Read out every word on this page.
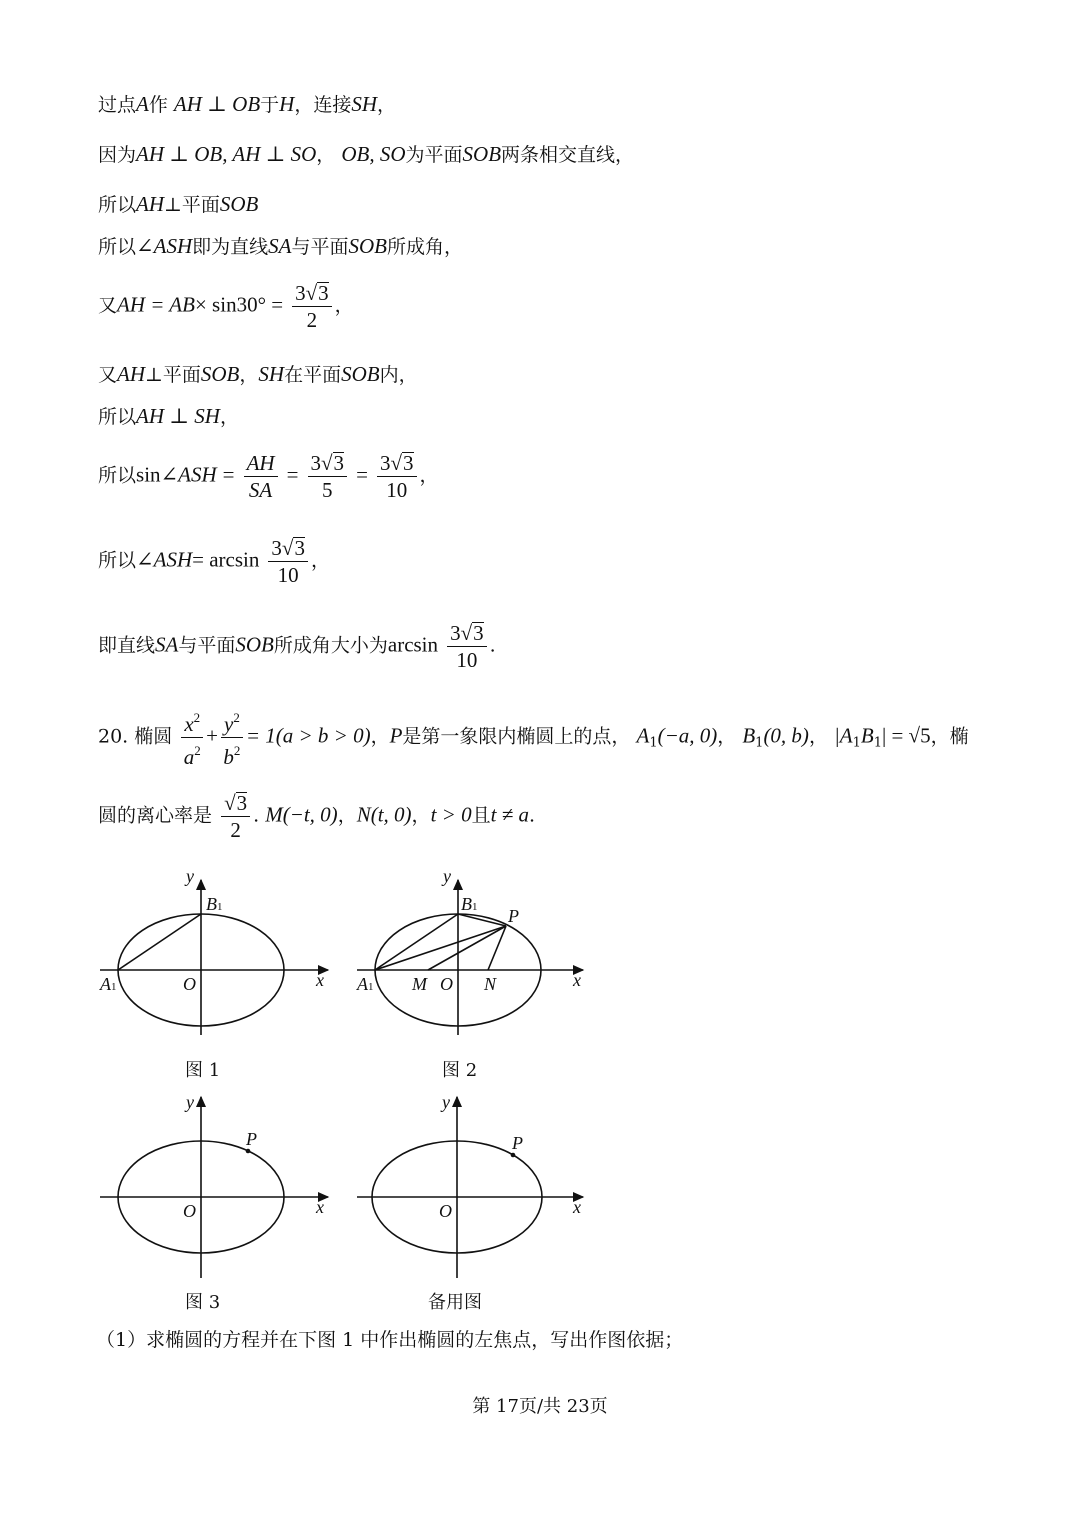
过点A作 AH ⊥ OB于H，连接SH，
因为AH ⊥ OB, AH ⊥ SO， OB, SO为平面SOB两条相交直线，
所以AH⊥平面SOB
所以∠ASH即为直线SA与平面SOB所成角，
又AH = $AB\times \sin 30^\circ = \frac{3√3}{2}$ ，
又AH⊥平面SOB，SH在平面SOB内，
所以AH ⊥ SH，
所以sin∠ASH = $\frac{AH}{SA} = \frac{3√3}{5} = \frac{3√3}{10}$ ，
所以∠ASH= $\arcsin \frac{3√3}{10}$ ，
即直线SA与平面SOB所成角大小为$\arcsin \frac{3√3}{10}$ .
20. 椭圆 $\frac{x^2}{a^2} + \frac{y^2}{b^2} = 1(a > b > 0)$，P是第一象限内椭圆上的点， $A_1(-a$, 0)， $B_1(0$, b)， $|A_1B_1| = √5$，椭
圆的离心率是 $\frac{√3}{2}$ . M(−t, 0)，N(t, 0)，t > 0且t ≠ a.
y
x
O
A1
B1
y
x
O
M	N
P
A1
B1
y
x
O
P
y
x
O
P
图 1	图 2
图 3	备用图
（1）求椭圆的方程并在下图 1 中作出椭圆的左焦点，写出作图依据；
第 17页/共 23页
